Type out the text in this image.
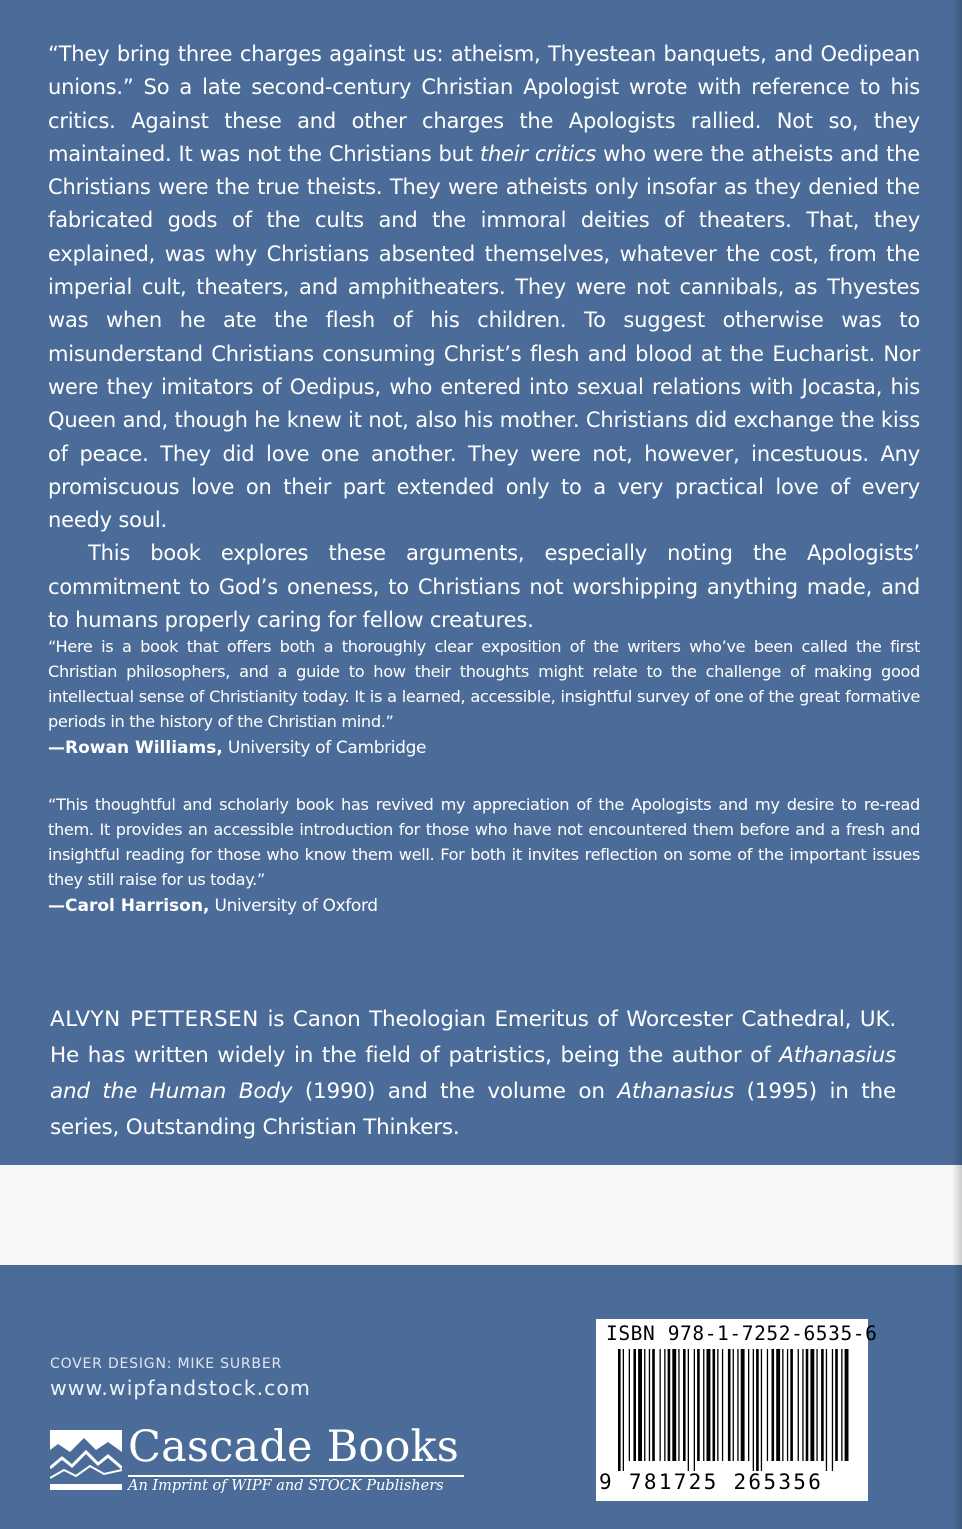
“They bring three charges against us: atheism, Thyestean banquets, and Oedipean unions.” So a late second-century Christian Apologist wrote with reference to his critics. Against these and other charges the Apologists rallied. Not so, they maintained. It was not the Christians but their critics who were the atheists and the Christians were the true theists. They were atheists only insofar as they denied the fabricated gods of the cults and the immoral deities of theaters. That, they explained, was why Christians absented themselves, whatever the cost, from the imperial cult, theaters, and amphitheaters. They were not cannibals, as Thyestes was when he ate the flesh of his children. To suggest otherwise was to misunderstand Christians consuming Christ’s flesh and blood at the Eucharist. Nor were they imitators of Oedipus, who entered into sexual relations with Jocasta, his Queen and, though he knew it not, also his mother. Christians did exchange the kiss of peace. They did love one another. They were not, however, incestuous. Any promiscuous love on their part extended only to a very practical love of every needy soul.

This book explores these arguments, especially noting the Apologists’ commitment to God’s oneness, to Christians not worshipping anything made, and to humans properly caring for fellow creatures.

“Here is a book that offers both a thoroughly clear exposition of the writers who’ve been called the first Christian philosophers, and a guide to how their thoughts might relate to the challenge of making good intellectual sense of Christianity today. It is a learned, accessible, insightful survey of one of the great formative periods in the history of the Christian mind.”

—Rowan Williams, University of Cambridge

“This thoughtful and scholarly book has revived my appreciation of the Apologists and my desire to re-read them. It provides an accessible introduction for those who have not encountered them before and a fresh and insightful reading for those who know them well. For both it invites reflection on some of the important issues they still raise for us today.”

—Carol Harrison, University of Oxford

ALVYN PETTERSEN is Canon Theologian Emeritus of Worcester Cathedral, UK. He has written widely in the field of patristics, being the author of Athanasius and the Human Body (1990) and the volume on Athanasius (1995) in the series, Outstanding Christian Thinkers.

COVER DESIGN: MIKE SURBER
www.wipfandstock.com
Cascade Books
An Imprint of WIPF and STOCK Publishers
ISBN 978-1-7252-6535-6
9 781725 265356
